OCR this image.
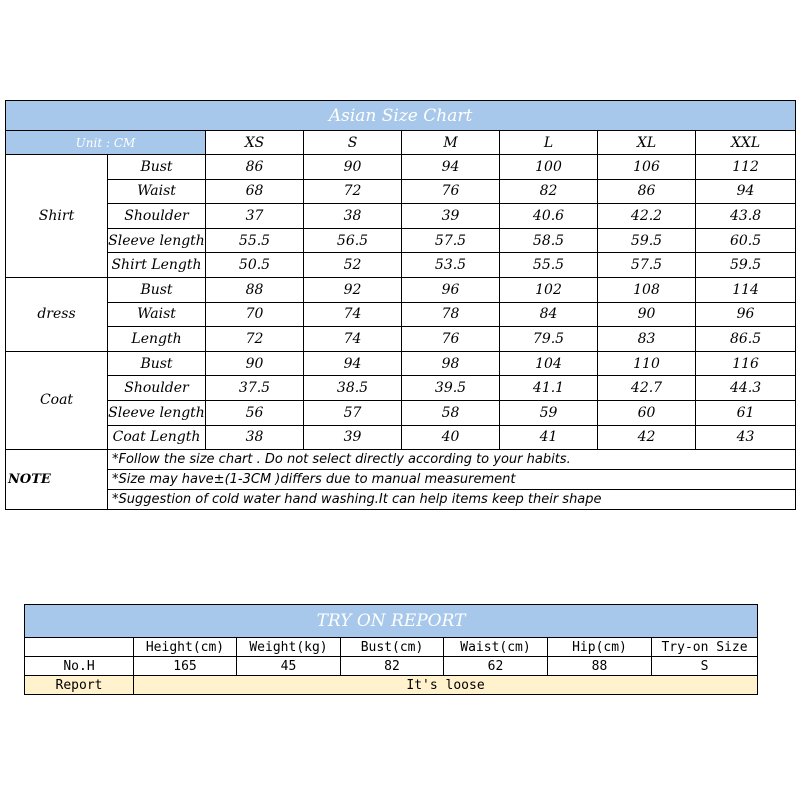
Asian Size Chart							
Unit : CM		XS	S	M	L	XL	XXL
Shirt	Bust	86	90	94	100	106	112
	Waist	68	72	76	82	86	94
	Shoulder	37	38	39	40.6	42.2	43.8
	Sleeve length	55.5	56.5	57.5	58.5	59.5	60.5
	Shirt Length	50.5	52	53.5	55.5	57.5	59.5
dress	Bust	88	92	96	102	108	114
	Waist	70	74	78	84	90	96
	Length	72	74	76	79.5	83	86.5
Coat	Bust	90	94	98	104	110	116
	Shoulder	37.5	38.5	39.5	41.1	42.7	44.3
	Sleeve length	56	57	58	59	60	61
	Coat Length	38	39	40	41	42	43
NOTE	*Follow the size chart . Do not select directly according to your habits.						
	*Size may have±(1-3CM )differs due to manual measurement						
	*Suggestion of cold water hand washing.It can help items keep their shape						
TRY ON REPORT						
	Height(cm)	Weight(kg)	Bust(cm)	Waist(cm)	Hip(cm)	Try-on Size
No.H	165	45	82	62	88	S
Report	It's loose					
